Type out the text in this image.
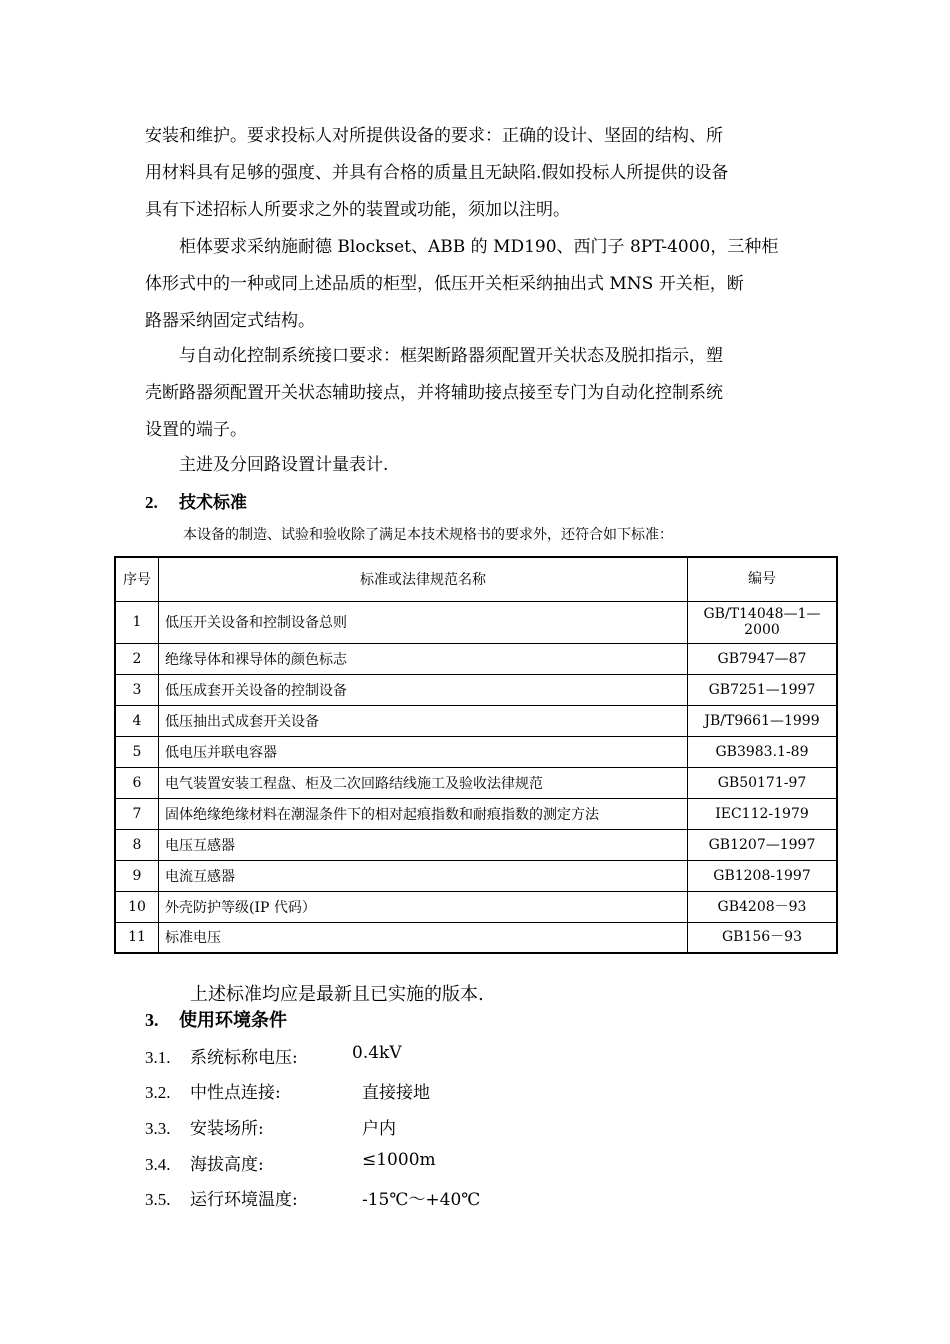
安装和维护。要求投标人对所提供设备的要求：正确的设计、坚固的结构、所
用材料具有足够的强度、并具有合格的质量且无缺陷.假如投标人所提供的设备
具有下述招标人所要求之外的装置或功能，须加以注明。
　　柜体要求采纳施耐德 Blockset、ABB 的 MD190、西门子 8PT-4000，三种柜
体形式中的一种或同上述品质的柜型，低压开关柜采纳抽出式 MNS 开关柜，断
路器采纳固定式结构。
　　与自动化控制系统接口要求：框架断路器须配置开关状态及脱扣指示，塑
壳断路器须配置开关状态辅助接点，并将辅助接点接至专门为自动化控制系统
设置的端子。
　　主进及分回路设置计量表计.
2. 技术标准
本设备的制造、试验和验收除了满足本技术规格书的要求外，还符合如下标准：
序号	标准或法律规范名称	编号
1	低压开关设备和控制设备总则	GB/T14048—1—2000
2	绝缘导体和裸导体的颜色标志	GB7947—87
3	低压成套开关设备的控制设备	GB7251—1997
4	低压抽出式成套开关设备	JB/T9661—1999
5	低电压并联电容器	GB3983.1-89
6	电气装置安装工程盘、柜及二次回路结线施工及验收法律规范	GB50171-97
7	固体绝缘绝缘材料在潮湿条件下的相对起痕指数和耐痕指数的测定方法	IEC112-1979
8	电压互感器	GB1207—1997
9	电流互感器	GB1208-1997
10	外壳防护等级(IP 代码）	GB4208－93
11	标准电压	GB156－93
上述标准均应是最新且已实施的版本.
3. 使用环境条件
3.1. 系统标称电压:	0.4kV
3.2. 中性点连接:	直接接地
3.3. 安装场所:	户内
3.4. 海拔高度:	≤1000m
3.5. 运行环境温度:	-15℃～+40℃
